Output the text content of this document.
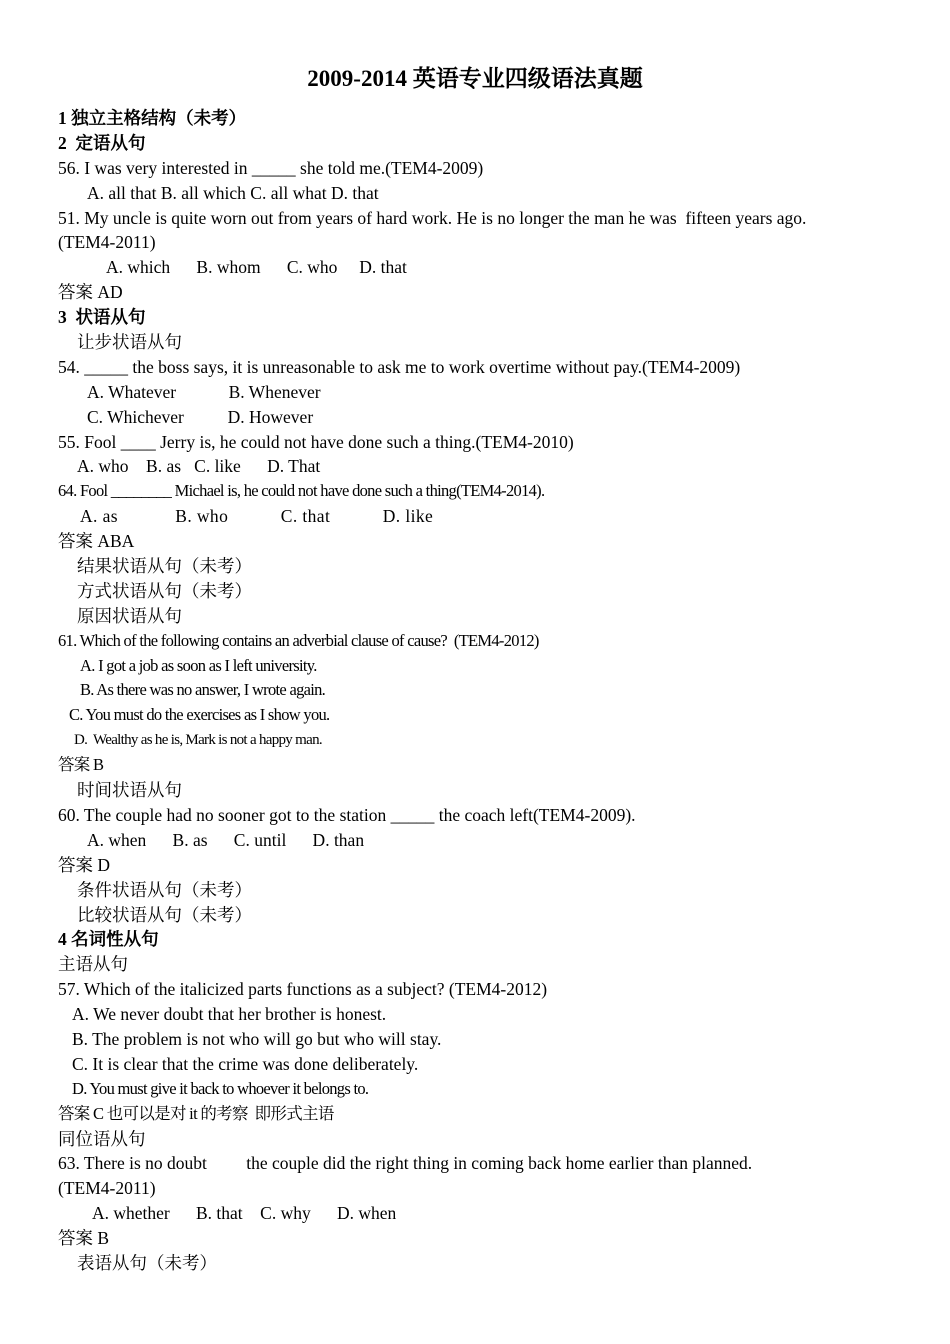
2009-2014 英语专业四级语法真题
1 独立主格结构（未考）
2  定语从句
56. I was very interested in _____ she told me.(TEM4-2009)
A. all that B. all which C. all what D. that
51. My uncle is quite worn out from years of hard work. He is no longer the man he was  fifteen years ago.
(TEM4-2011)
A. which      B. whom      C. who     D. that
答案 AD
3  状语从句
让步状语从句
54. _____ the boss says, it is unreasonable to ask me to work overtime without pay.(TEM4-2009)
A. Whatever            B. Whenever
C. Whichever          D. However
55. Fool ____ Jerry is, he could not have done such a thing.(TEM4-2010)
A. who    B. as   C. like      D. That
64. Fool ________ Michael is, he could not have done such a thing(TEM4-2014).
A. as            B. who           C. that           D. like
答案 ABA
结果状语从句（未考）
方式状语从句（未考）
原因状语从句
61. Which of the following contains an adverbial clause of cause?  (TEM4-2012)
A. I got a job as soon as I left university.
B. As there was no answer, I wrote again.
C. You must do the exercises as I show you.
D.  Wealthy as he is, Mark is not a happy man.
答案 B
时间状语从句
60. The couple had no sooner got to the station _____ the coach left(TEM4-2009).
A. when      B. as      C. until      D. than
答案 D
条件状语从句（未考）
比较状语从句（未考）
4 名词性从句
主语从句
57. Which of the italicized parts functions as a subject? (TEM4-2012)
A. We never doubt that her brother is honest.
B. The problem is not who will go but who will stay.
C. It is clear that the crime was done deliberately.
D. You must give it back to whoever it belongs to.
答案 C 也可以是对 it 的考察  即形式主语
同位语从句
63. There is no doubt         the couple did the right thing in coming back home earlier than planned.
(TEM4-2011)
A. whether      B. that    C. why      D. when
答案 B
表语从句（未考）
